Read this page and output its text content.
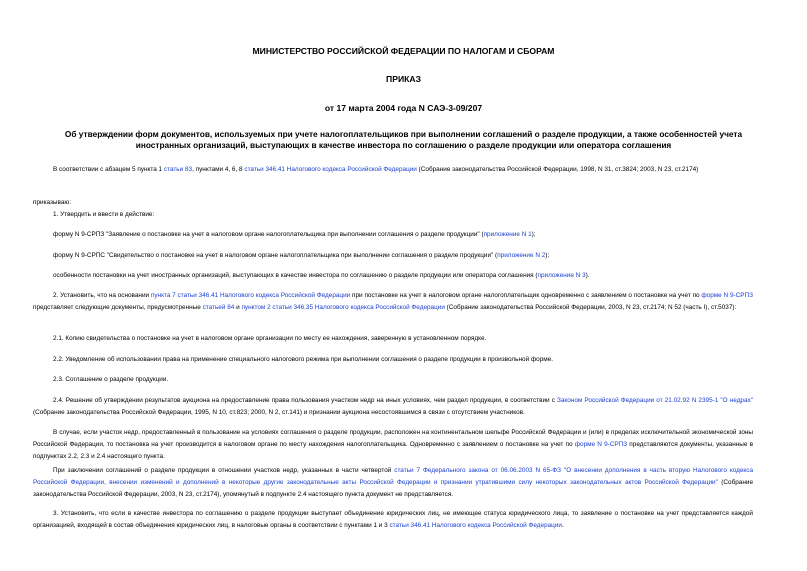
МИНИСТЕРСТВО РОССИЙСКОЙ ФЕДЕРАЦИИ ПО НАЛОГАМ И СБОРАМ
ПРИКАЗ
от 17 марта 2004 года N САЭ-3-09/207
Об утверждении форм документов, используемых при учете налогоплательщиков при выполнении соглашений о разделе продукции, а также особенностей учета
иностранных организаций, выступающих в качестве инвестора по соглашению о разделе продукции или оператора соглашения
В соответствии с абзацем 5 пункта 1 статьи 83, пунктами 4, 6, 8 статьи 346.41 Налогового кодекса Российской Федерации (Собрание законодательства Российской Федерации, 1998, N 31, ст.3824; 2003, N 23, ст.2174)
приказываю:
1. Утвердить и ввести в действие:
форму N 9-СРПЗ "Заявление о постановке на учет в налоговом органе налогоплательщика при выполнении соглашения о разделе продукции" (приложение N 1);
форму N 9-СРПС "Свидетельство о постановке на учет в налоговом органе налогоплательщика при выполнении соглашения о разделе продукции" (приложение N 2);
особенности постановки на учет иностранных организаций, выступающих в качестве инвестора по соглашению о разделе продукции или оператора соглашения (приложение N 3).
2. Установить, что на основании пункта 7 статьи 346.41 Налогового кодекса Российской Федерации при постановке на учет в налоговом органе налогоплательщик одновременно с заявлением о постановке на учет по форме N 9-СРПЗ представляет следующие документы, предусмотренные статьей 84 и пунктом 2 статьи 346.35 Налогового кодекса Российской Федерации (Собрание законодательства Российской Федерации, 2003, N 23, ст.2174; N 52 (часть I), ст.5037):
2.1. Копию свидетельства о постановке на учет в налоговом органе организации по месту ее нахождения, заверенную в установленном порядке.
2.2. Уведомление об использовании права на применение специального налогового режима при выполнении соглашения о разделе продукции в произвольной форме.
2.3. Соглашение о разделе продукции.
2.4. Решение об утверждении результатов аукциона на предоставление права пользования участком недр на иных условиях, чем раздел продукции, в соответствии с Законом Российской Федерации от 21.02.92 N 2395-1 "О недрах" (Собрание законодательства Российской Федерации, 1995, N 10, ст.823; 2000, N 2, ст.141) и признании аукциона несостоявшимся в связи с отсутствием участников.
В случае, если участок недр, предоставленный в пользование на условиях соглашения о разделе продукции, расположен на континентальном шельфе Российской Федерации и (или) в пределах исключительной экономической зоны Российской Федерации, то постановка на учет производится в налоговом органе по месту нахождения налогоплательщика. Одновременно с заявлением о постановке на учет по форме N 9-СРПЗ представляются документы, указанные в подпунктах 2.2, 2.3 и 2.4 настоящего пункта.
При заключении соглашений о разделе продукции в отношении участков недр, указанных в части четвертой статьи 7 Федерального закона от 06.06.2003 N 65-ФЗ "О внесении дополнения в часть вторую Налогового кодекса Российской Федерации, внесении изменений и дополнений в некоторые другие законодательные акты Российской Федерации и признании утратившими силу некоторых законодательных актов Российской Федерации" (Собрание законодательства Российской Федерации, 2003, N 23, ст.2174), упомянутый в подпункте 2.4 настоящего пункта документ не представляется.
3. Установить, что если в качестве инвестора по соглашению о разделе продукции выступает объединение юридических лиц, не имеющее статуса юридического лица, то заявление о постановке на учет представляется каждой организацией, входящей в состав объединения юридических лиц, в налоговые органы в соответствии с пунктами 1 и 3 статьи 346.41 Налогового кодекса Российской Федерации.
